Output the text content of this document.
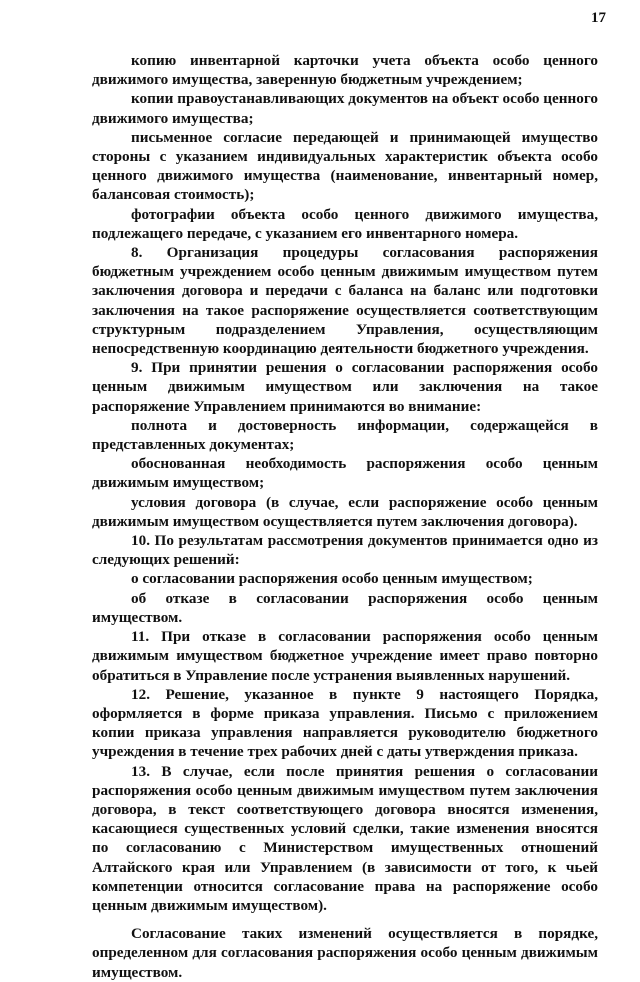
17

копию инвентарной карточки учета объекта особо ценного движимого имущества, заверенную бюджетным учреждением;

копии правоустанавливающих документов на объект особо ценного движимого имущества;

письменное согласие передающей и принимающей имущество стороны с указанием индивидуальных характеристик объекта особо ценного движимого имущества (наименование, инвентарный номер, балансовая стоимость);

фотографии объекта особо ценного движимого имущества, подлежащего передаче, с указанием его инвентарного номера.

8. Организация процедуры согласования распоряжения бюджетным учреждением особо ценным движимым имуществом путем заключения договора и передачи с баланса на баланс или подготовки заключения на такое распоряжение осуществляется соответствующим структурным подразделением Управления, осуществляющим непосредственную координацию деятельности бюджетного учреждения.

9. При принятии решения о согласовании распоряжения особо ценным движимым имуществом или заключения на такое распоряжение Управлением принимаются во внимание:

полнота и достоверность информации, содержащейся в представленных документах;

обоснованная необходимость распоряжения особо ценным движимым имуществом;

условия договора (в случае, если распоряжение особо ценным движимым имуществом осуществляется путем заключения договора).

10. По результатам рассмотрения документов принимается одно из следующих решений:

о согласовании распоряжения особо ценным имуществом;

об отказе в согласовании распоряжения особо ценным имуществом.

11. При отказе в согласовании распоряжения особо ценным движимым имуществом бюджетное учреждение имеет право повторно обратиться в Управление после устранения выявленных нарушений.

12. Решение, указанное в пункте 9 настоящего Порядка, оформляется в форме приказа управления. Письмо с приложением копии приказа управления направляется руководителю бюджетного учреждения в течение трех рабочих дней с даты утверждения приказа.

13. В случае, если после принятия решения о согласовании распоряжения особо ценным движимым имуществом путем заключения договора, в текст соответствующего договора вносятся изменения, касающиеся существенных условий сделки, такие изменения вносятся по согласованию с Министерством имущественных отношений Алтайского края или Управлением (в зависимости от того, к чьей компетенции относится согласование права на распоряжение особо ценным движимым имуществом).

Согласование таких изменений осуществляется в порядке, определенном для согласования распоряжения особо ценным движимым имуществом.
